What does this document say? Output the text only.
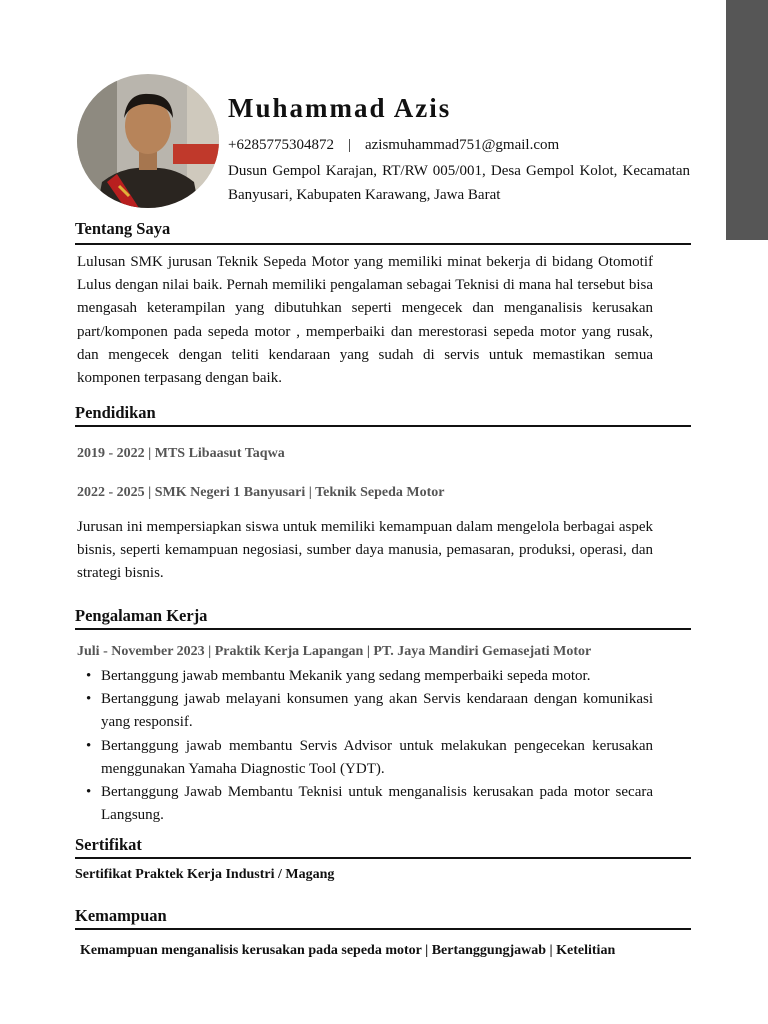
Muhammad Azis
+6285775304872 | azismuhammad751@gmail.com
Dusun Gempol Karajan, RT/RW 005/001, Desa Gempol Kolot, Kecamatan Banyusari, Kabupaten Karawang, Jawa Barat
Tentang Saya
Lulusan SMK jurusan Teknik Sepeda Motor yang memiliki minat bekerja di bidang Otomotif Lulus dengan nilai baik. Pernah memiliki pengalaman sebagai Teknisi di mana hal tersebut bisa mengasah keterampilan yang dibutuhkan seperti mengecek dan menganalisis kerusakan part/komponen pada sepeda motor , memperbaiki dan merestorasi sepeda motor yang rusak, dan mengecek dengan teliti kendaraan yang sudah di servis untuk memastikan semua komponen terpasang dengan baik.
Pendidikan
2019 - 2022 | MTS Libaasut Taqwa
2022 - 2025 | SMK Negeri 1 Banyusari | Teknik Sepeda Motor
Jurusan ini mempersiapkan siswa untuk memiliki kemampuan dalam mengelola berbagai aspek bisnis, seperti kemampuan negosiasi, sumber daya manusia, pemasaran, produksi, operasi, dan strategi bisnis.
Pengalaman Kerja
Juli - November 2023 | Praktik Kerja Lapangan | PT. Jaya Mandiri Gemasejati Motor
• Bertanggung jawab membantu Mekanik yang sedang memperbaiki sepeda motor.
• Bertanggung jawab melayani konsumen yang akan Servis kendaraan dengan komunikasi yang responsif.
• Bertanggung jawab membantu Servis Advisor untuk melakukan pengecekan kerusakan menggunakan Yamaha Diagnostic Tool (YDT).
• Bertanggung Jawab Membantu Teknisi untuk menganalisis kerusakan pada motor secara Langsung.
Sertifikat
Sertifikat Praktek Kerja Industri / Magang
Kemampuan
Kemampuan menganalisis kerusakan pada sepeda motor | Bertanggungjawab | Ketelitian
